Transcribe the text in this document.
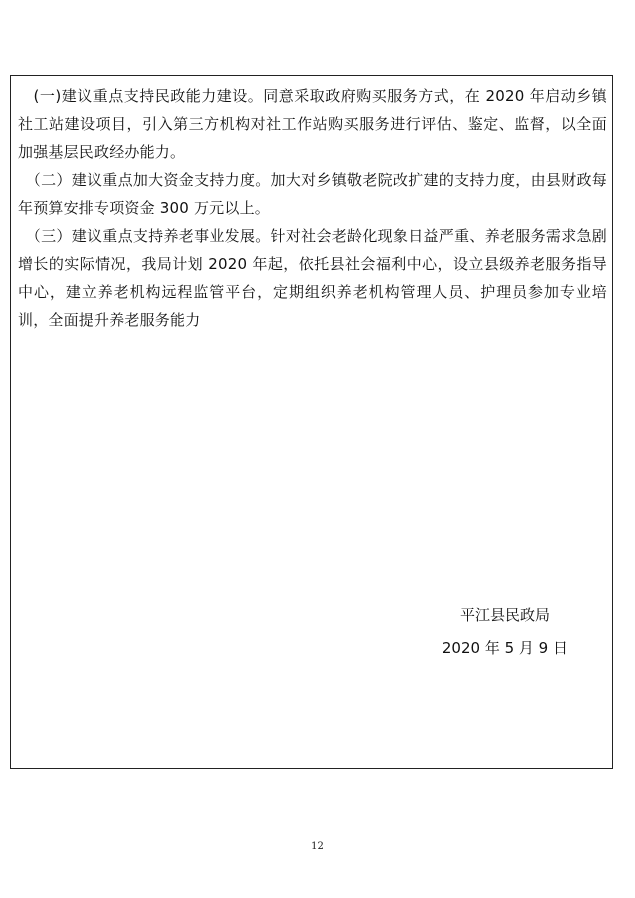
　(一)建议重点支持民政能力建设。同意采取政府购买服务方式，在 2020 年启动乡镇社工站建设项目，引入第三方机构对社工作站购买服务进行评估、鉴定、监督，以全面加强基层民政经办能力。

　（二）建议重点加大资金支持力度。加大对乡镇敬老院改扩建的支持力度，由县财政每年预算安排专项资金 300 万元以上。

　（三）建议重点支持养老事业发展。针对社会老龄化现象日益严重、养老服务需求急剧增长的实际情况，我局计划 2020 年起，依托县社会福利中心，设立县级养老服务指导中心，建立养老机构远程监管平台，定期组织养老机构管理人员、护理员参加专业培训，全面提升养老服务能力

平江县民政局
2020 年 5 月 9 日
12
